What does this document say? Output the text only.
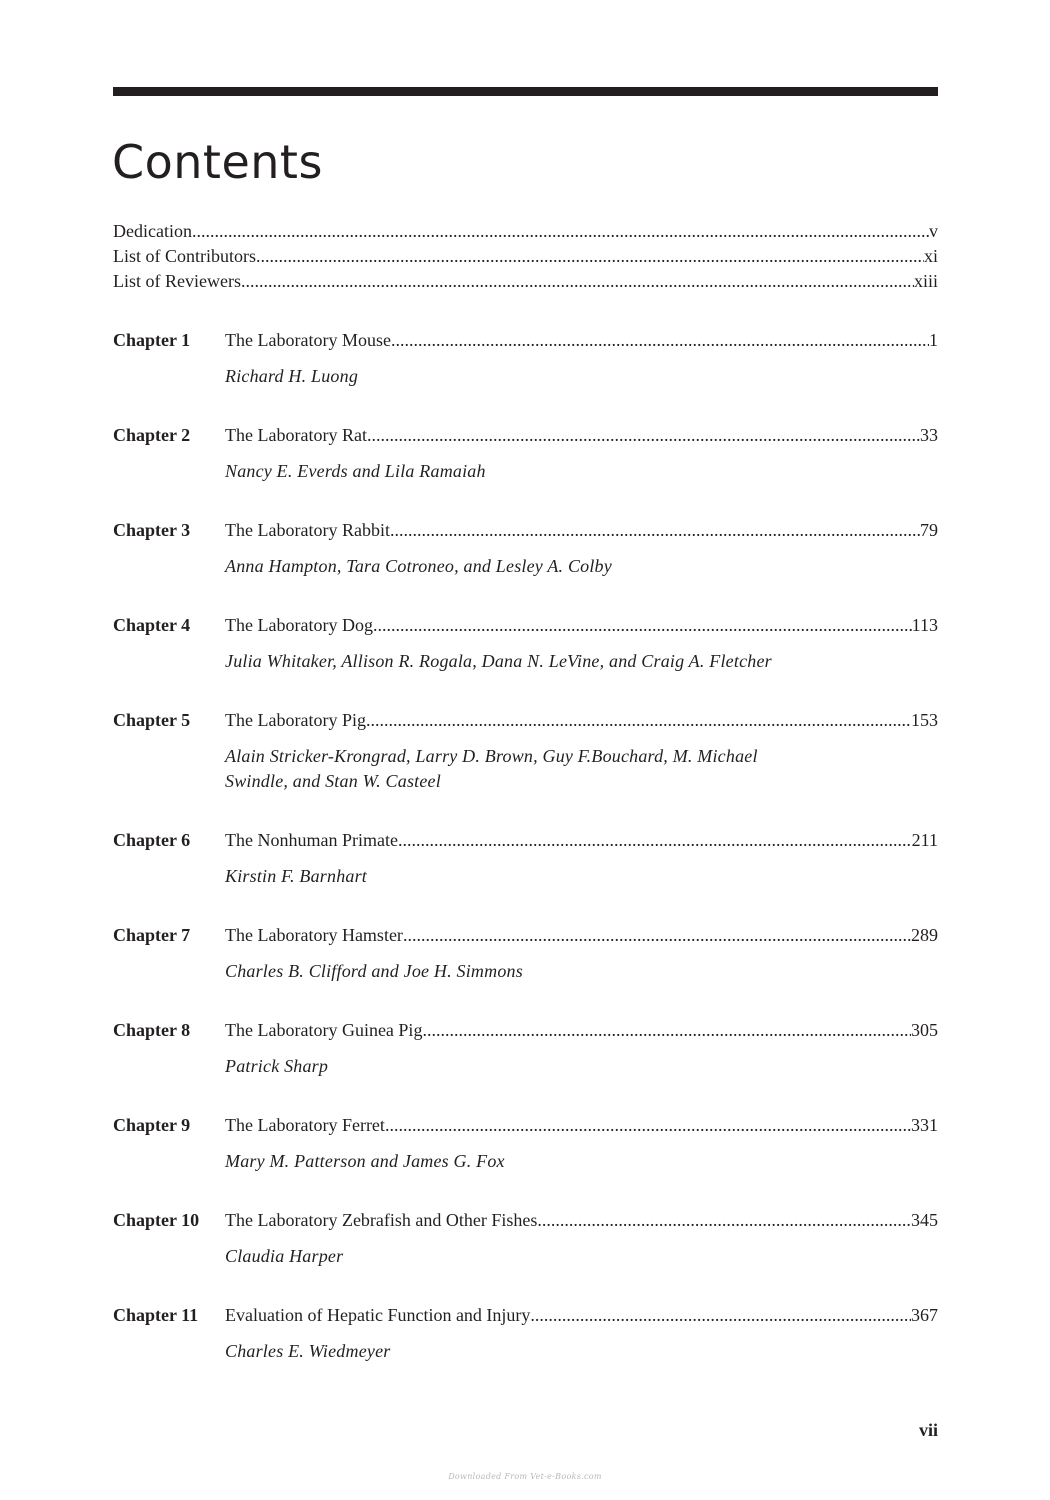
Contents
Dedication .....	v
List of Contributors .....	xi
List of Reviewers .....	xiii
Chapter 1	The Laboratory Mouse .....	1
Richard H. Luong
Chapter 2	The Laboratory Rat .....	33
Nancy E. Everds and Lila Ramaiah
Chapter 3	The Laboratory Rabbit .....	79
Anna Hampton, Tara Cotroneo, and Lesley A. Colby
Chapter 4	The Laboratory Dog .....	113
Julia Whitaker, Allison R. Rogala, Dana N. LeVine, and Craig A. Fletcher
Chapter 5	The Laboratory Pig .....	153
Alain Stricker-Krongrad, Larry D. Brown, Guy F.Bouchard, M. Michael
Swindle, and Stan W. Casteel
Chapter 6	The Nonhuman Primate .....	211
Kirstin F. Barnhart
Chapter 7	The Laboratory Hamster .....	289
Charles B. Clifford and Joe H. Simmons
Chapter 8	The Laboratory Guinea Pig .....	305
Patrick Sharp
Chapter 9	The Laboratory Ferret .....	331
Mary M. Patterson and James G. Fox
Chapter 10	The Laboratory Zebrafish and Other Fishes .....	345
Claudia Harper
Chapter 11	Evaluation of Hepatic Function and Injury .....	367
Charles E. Wiedmeyer
vii
Downloaded From Vet-e-Books.com
